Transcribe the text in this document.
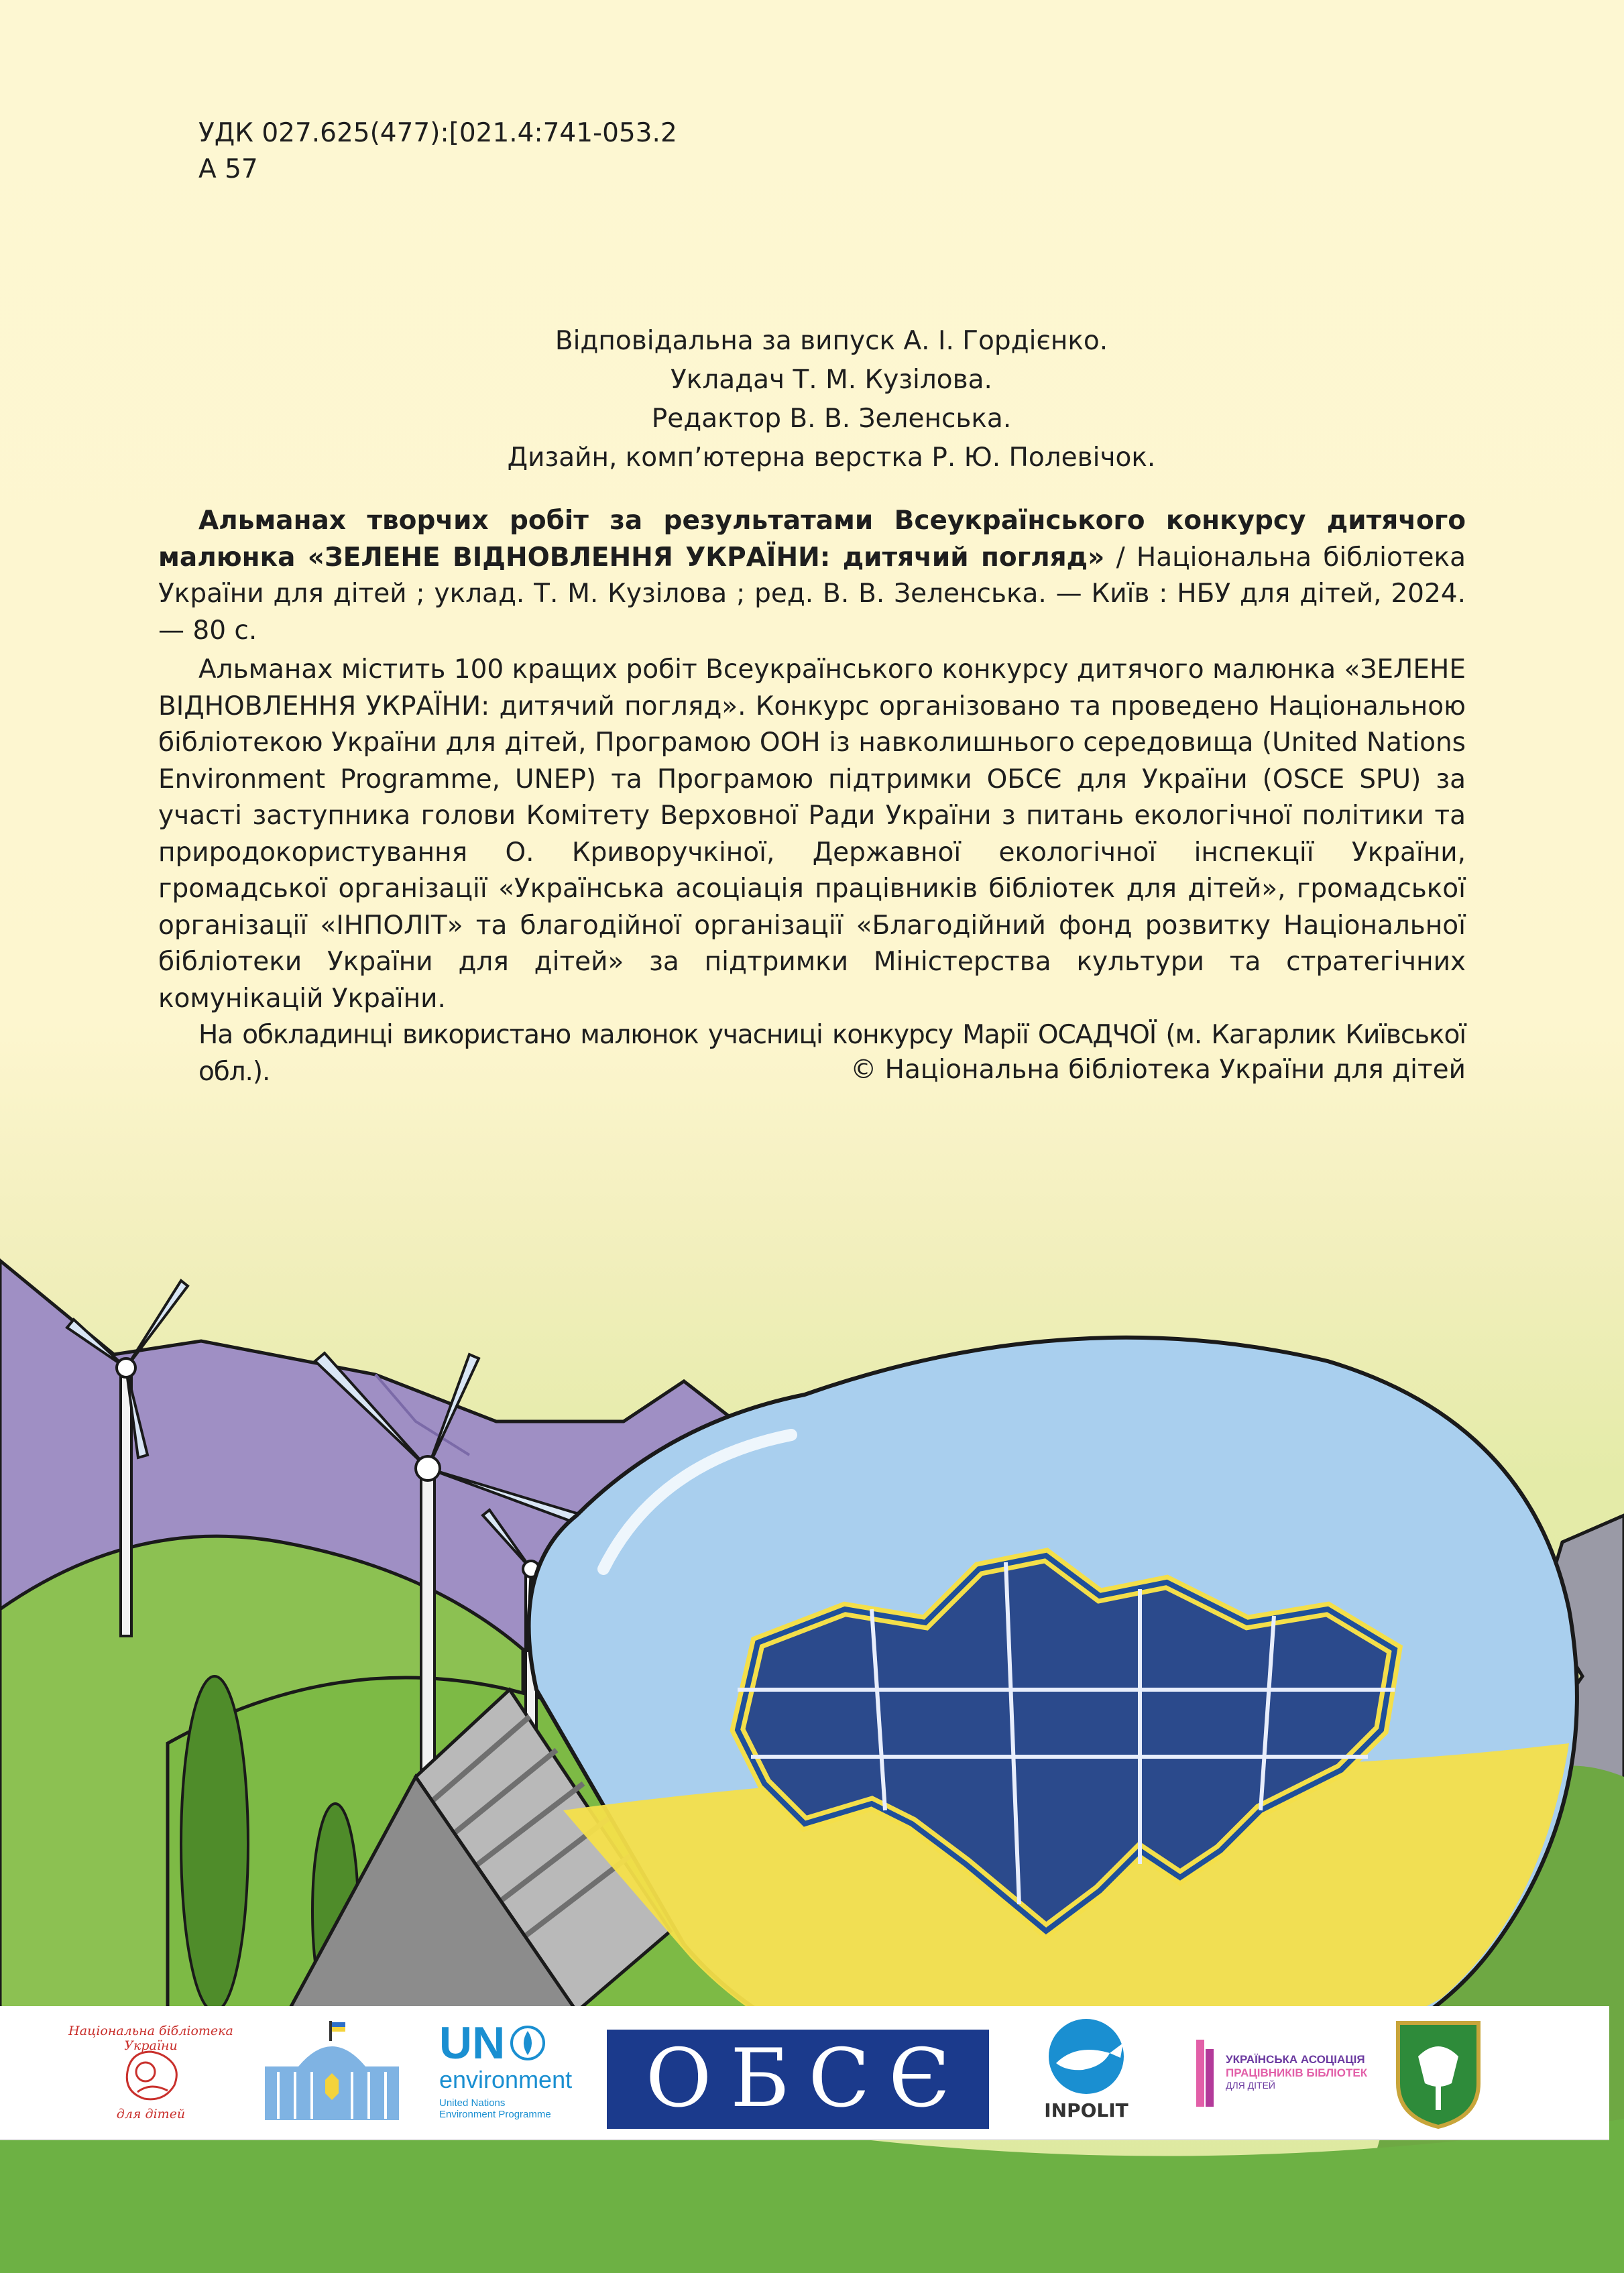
УДК 027.625(477):[021.4:741-053.2
А 57
Відповідальна за випуск А. І. Гордієнко.
Укладач Т. М. Кузілова.
Редактор В. В. Зеленська.
Дизайн, комп’ютерна верстка Р. Ю. Полевічок.
Альманах творчих робіт за результатами Всеукраїнського конкурсу дитячого малюнка «ЗЕЛЕНЕ ВІДНОВЛЕННЯ УКРАЇНИ: дитячий погляд» / Національна бібліотека України для дітей ; уклад. Т. М. Кузілова ; ред. В. В. Зеленська. — Київ : НБУ для дітей, 2024. — 80 с.
Альманах містить 100 кращих робіт Всеукраїнського конкурсу дитячого малюнка «ЗЕЛЕНЕ ВІДНОВЛЕННЯ УКРАЇНИ: дитячий погляд». Конкурс організовано та проведено Національною бібліотекою України для дітей, Програмою ООН із навколишнього середовища (United Nations Environment Programme, UNEP) та Програмою підтримки ОБСЄ для України (OSCE SPU) за участі заступника голови Комітету Верховної Ради України з питань екологічної політики та природокористування О. Криворучкіної, Державної екологічної інспекції України, громадської організації «Українська асоціація працівників бібліотек для дітей», громадської організації «ІНПОЛІТ» та благодійної організації «Благодійний фонд розвитку Національної бібліотеки України для дітей» за підтримки Міністерства культури та стратегічних комунікацій України.
На обкладинці використано малюнок учасниці конкурсу Марії ОСАДЧОЇ (м. Кагарлик Київської обл.).	© Національна бібліотека України для дітей
Національна бібліотека України
для дітей
UN
environment
United Nations
Environment Programme	ОБСЄ	INPOLIT
УКРАЇНСЬКА АСОЦІАЦІЯ
ПРАЦІВНИКІВ БІБЛІОТЕК
ДЛЯ ДІТЕЙ
